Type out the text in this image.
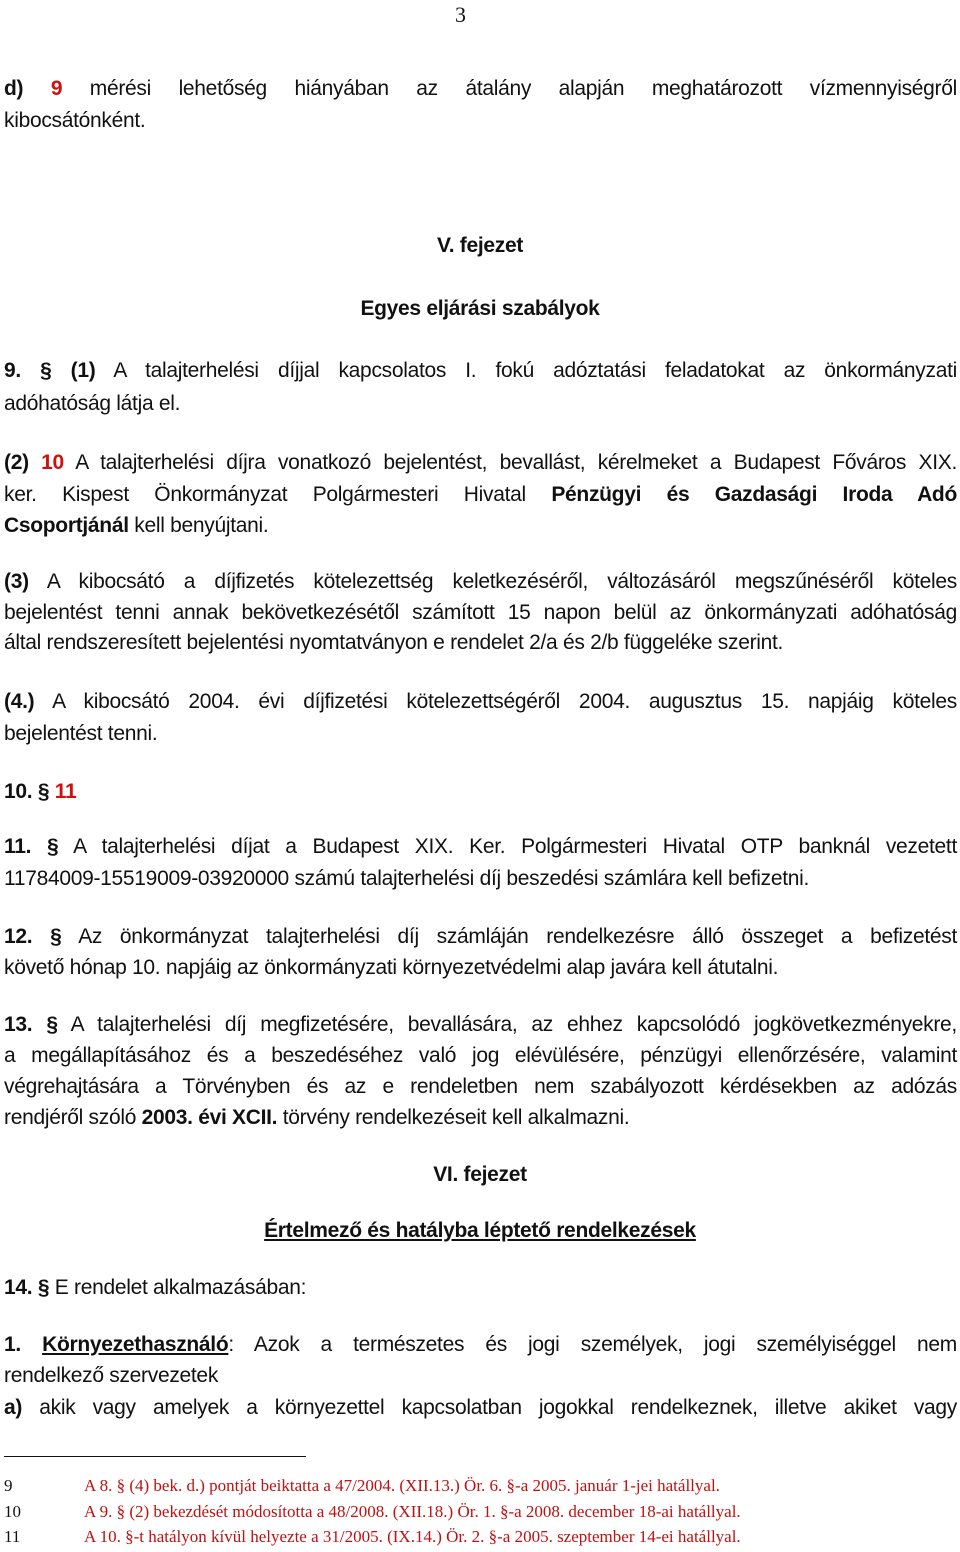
3
d) 9 mérési lehetőség hiányában az átalány alapján meghatározott vízmennyiségről
kibocsátónként.
V. fejezet
Egyes eljárási szabályok
9. § (1) A talajterhelési díjjal kapcsolatos I. fokú adóztatási feladatokat az önkormányzati
adóhatóság látja el.
(2) 10 A talajterhelési díjra vonatkozó bejelentést, bevallást, kérelmeket a Budapest Főváros XIX.
ker. Kispest Önkormányzat Polgármesteri Hivatal Pénzügyi és Gazdasági Iroda Adó
Csoportjánál kell benyújtani.
(3) A kibocsátó a díjfizetés kötelezettség keletkezéséről, változásáról megszűnéséről köteles
bejelentést tenni annak bekövetkezésétől számított 15 napon belül az önkormányzati adóhatóság
által rendszeresített bejelentési nyomtatványon e rendelet 2/a és 2/b függeléke szerint.
(4.) A kibocsátó 2004. évi díjfizetési kötelezettségéről 2004. augusztus 15. napjáig köteles
bejelentést tenni.
10. § 11
11. § A talajterhelési díjat a Budapest XIX. Ker. Polgármesteri Hivatal OTP banknál vezetett
11784009-15519009-03920000 számú talajterhelési díj beszedési számlára kell befizetni.
12. § Az önkormányzat talajterhelési díj számláján rendelkezésre álló összeget a befizetést
követő hónap 10. napjáig az önkormányzati környezetvédelmi alap javára kell átutalni.
13. § A talajterhelési díj megfizetésére, bevallására, az ehhez kapcsolódó jogkövetkezményekre,
a megállapításához és a beszedéséhez való jog elévülésére, pénzügyi ellenőrzésére, valamint
végrehajtására a Törvényben és az e rendeletben nem szabályozott kérdésekben az adózás
rendjéről szóló 2003. évi XCII. törvény rendelkezéseit kell alkalmazni.
VI. fejezet
Értelmező és hatályba léptető rendelkezések
14. § E rendelet alkalmazásában:
1. Környezethasználó: Azok a természetes és jogi személyek, jogi személyiséggel nem
rendelkező szervezetek
a) akik vagy amelyek a környezettel kapcsolatban jogokkal rendelkeznek, illetve akiket vagy
9	A 8. § (4) bek. d.) pontját beiktatta a 47/2004. (XII.13.) Ör. 6. §-a 2005. január 1-jei hatállyal.
10	A 9. § (2) bekezdését módosította a 48/2008. (XII.18.) Ör. 1. §-a 2008. december 18-ai hatállyal.
11	A 10. §-t hatályon kívül helyezte a 31/2005. (IX.14.) Ör. 2. §-a 2005. szeptember 14-ei hatállyal.
